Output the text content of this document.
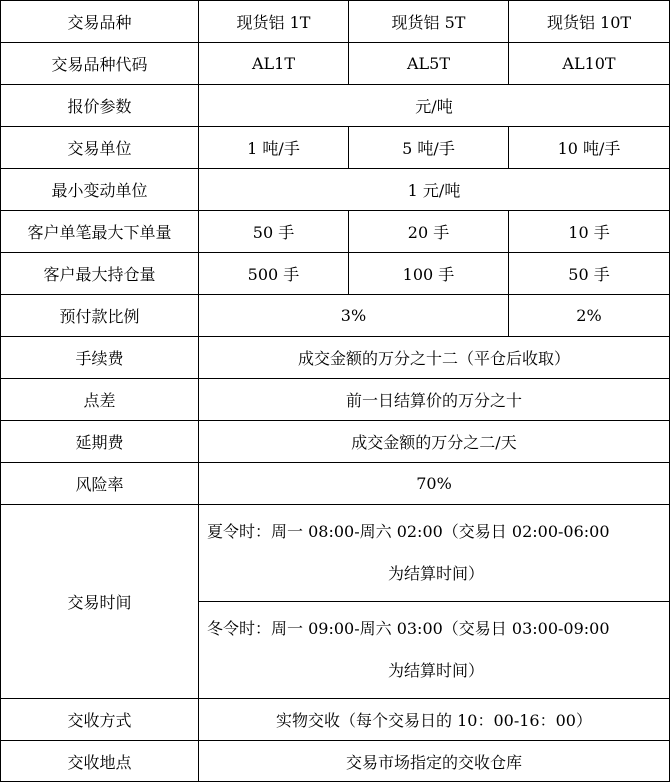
交易品种	现货铝 1T	现货铝 5T	现货铝 10T
交易品种代码	AL1T	AL5T	AL10T
报价参数	元/吨		
交易单位	1 吨/手	5 吨/手	10 吨/手
最小变动单位	1 元/吨		
客户单笔最大下单量	50 手	20 手	10 手
客户最大持仓量	500 手	100 手	50 手
预付款比例	3%		2%
手续费	成交金额的万分之十二（平仓后收取）		
点差	前一日结算价的万分之十		
延期费	成交金额的万分之二/天		
风险率	70%		
交易时间	夏令时：周一 08:00-周六 02:00（交易日 02:00-06:00
为结算时间）
冬令时：周一 09:00-周六 03:00（交易日 03:00-09:00
为结算时间）		

交收方式	实物交收（每个交易日的 10：00-16：00）		
交收地点	交易市场指定的交收仓库		
